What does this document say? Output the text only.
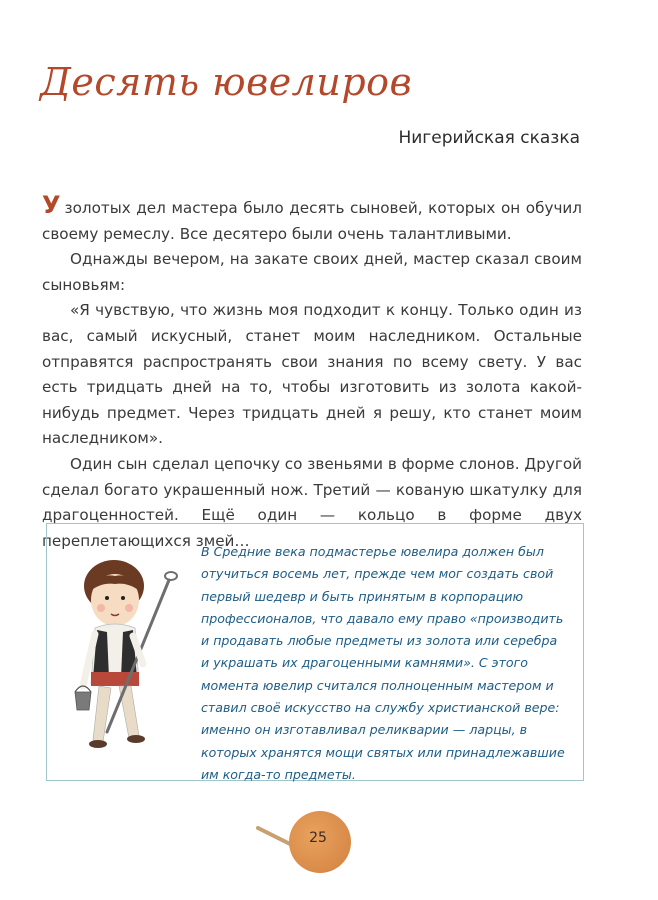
Десять ювелиров
Нигерийская сказка

Узолотых дел мастера было десять сыновей, которых он обучил своему ремеслу. Все десятеро были очень талантливыми.

Однажды вечером, на закате своих дней, мастер сказал своим сыновьям:

«Я чувствую, что жизнь моя подходит к концу. Только один из вас, самый искусный, станет моим наследником. Остальные отправятся распространять свои знания по всему свету. У вас есть тридцать дней на то, чтобы изготовить из золота какой-нибудь предмет. Через тридцать дней я решу, кто станет моим наследником».

Один сын сделал цепочку со звеньями в форме слонов. Другой сделал богато украшенный нож. Третий — кованую шкатулку для драгоценностей. Ещё один — кольцо в форме двух переплетающихся змей…

В Средние века подмастерье ювелира должен был отучиться восемь лет, прежде чем мог создать свой первый шедевр и быть принятым в корпорацию профессионалов, что давало ему право «производить и продавать любые предметы из золота или серебра и украшать их драгоценными камнями». С этого момента ювелир считался полноценным мастером и ставил своё искусство на службу христианской вере: именно он изготавливал реликварии — ларцы, в которых хранятся мощи святых или принадлежавшие им когда-то предметы.
25
